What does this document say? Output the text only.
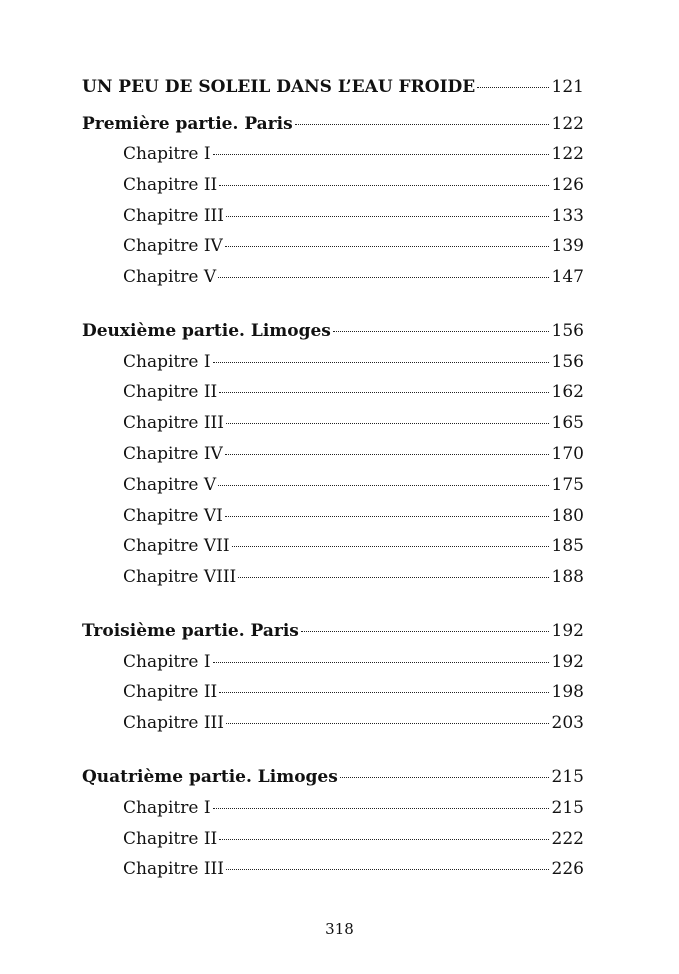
UN PEU DE SOLEIL DANS L’EAU FROIDE	121
Première partie. Paris	122
Chapitre I	122
Chapitre II	126
Chapitre III	133
Chapitre IV	139
Chapitre V	147
Deuxième partie. Limoges	156
Chapitre I	156
Chapitre II	162
Chapitre III	165
Chapitre IV	170
Chapitre V	175
Chapitre VI	180
Chapitre VII	185
Chapitre VIII	188
Troisième partie. Paris	192
Chapitre I	192
Chapitre II	198
Chapitre III	203
Quatrième partie. Limoges	215
Chapitre I	215
Chapitre II	222
Chapitre III	226
318
